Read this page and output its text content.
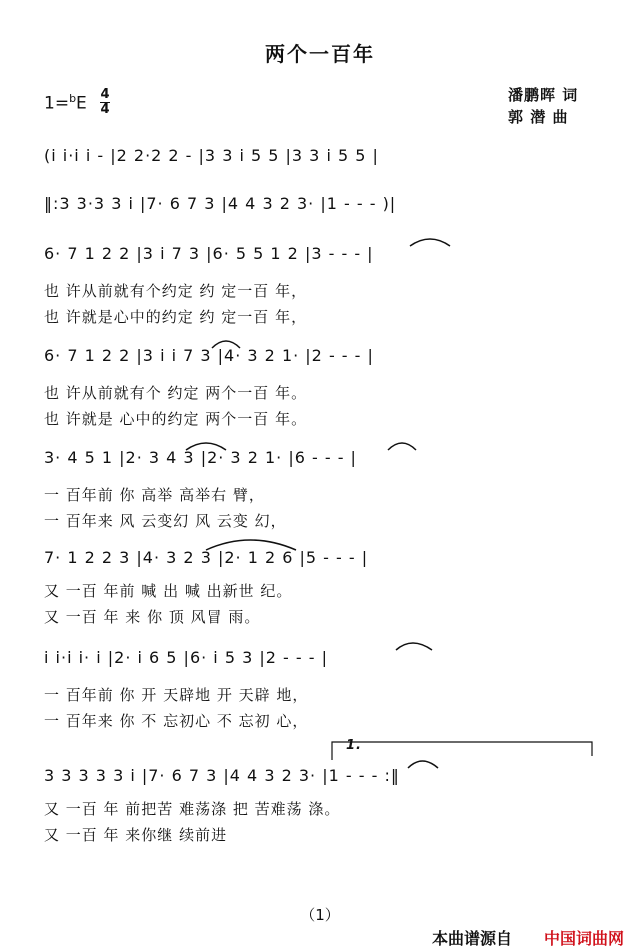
两个一百年
1=$^b$E 4
4
潘鹏晖 词
郭 潜 曲
(i i·i i - |2 2·2 2 - |3 3 i 5 5 |3 3 i 5 5 |
‖:3 3·3 3 i |7· 6 7 3 |4 4 3 2 3· |1 - - - )|
6· 7 1 2 2 |3 i 7 3 |6· 5 5 1 2 |3 - - - |
也 许从前就有个约定 约 定一百 年，
也 许就是心中的约定 约 定一百 年，
6· 7 1 2 2 |3 i i 7 3 |4· 3 2 1· |2 - - - |
也 许从前就有个 约定 两个一百 年。
也 许就是 心中的约定 两个一百 年。
3· 4 5 1 |2· 3 4 3 |2· 3 2 1· |6 - - - |
一 百年前 你 高举 高举右 臂，
一 百年来 风 云变幻 风 云变 幻，
7· 1 2 2 3 |4· 3 2 3 |2· 1 2 6 |5 - - - |
又 一百 年前 喊 出 喊 出新世 纪。
又 一百 年 来 你 顶 风冒 雨。
i i·i i· i |2· i 6 5 |6· i 5 3 |2 - - - |
一 百年前 你 开 天辟地 开 天辟 地，
一 百年来 你 不 忘初心 不 忘初 心，
1.
3 3 3 3 3 i |7· 6 7 3 |4 4 3 2 3· |1 - - - :‖
又 一百 年 前把苦 难荡涤 把 苦难荡 涤。
又 一百 年 来你继 续前进
（1）
本曲谱源自 中国词曲网
